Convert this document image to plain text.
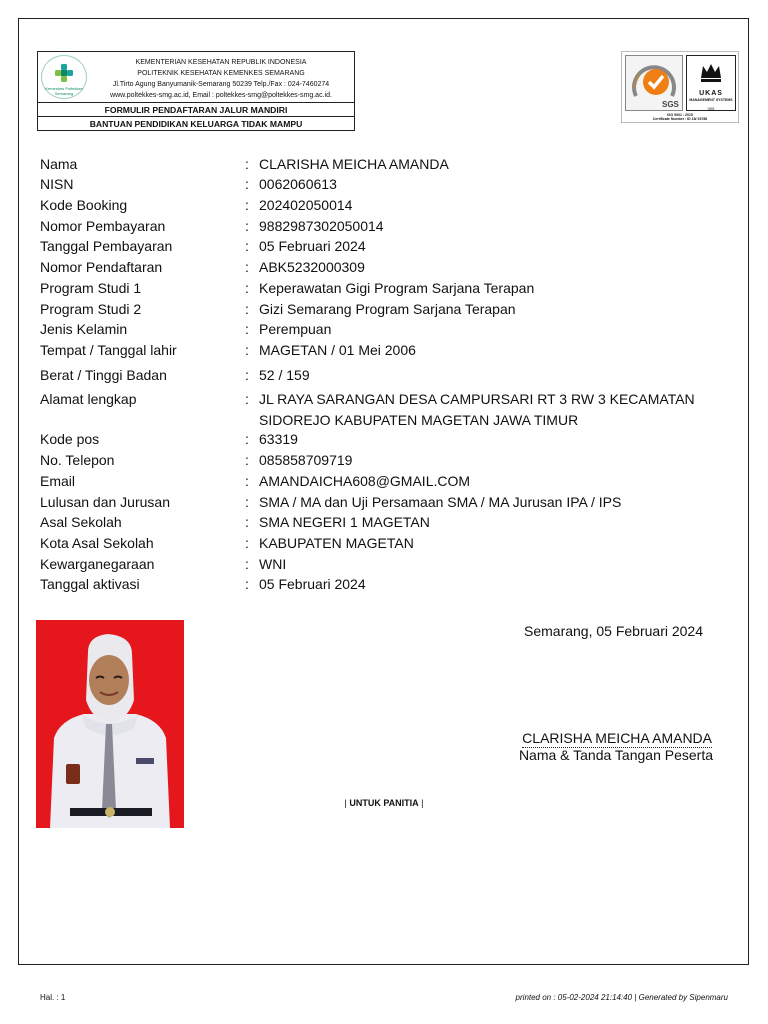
Kemenkes Poltekkes Semarang
KEMENTERIAN KESEHATAN REPUBLIK INDONESIA
POLITEKNIK KESEHATAN KEMENKES SEMARANG
Jl.Tirto Agung Banyumanik-Semarang 50239 Telp./Fax : 024-7460274
www.poltekkes-smg.ac.id, Email : poltekkes-smg@poltekkes-smg.ac.id.
FORMULIR PENDAFTARAN JALUR MANDIRI
BANTUAN PENDIDIKAN KELUARGA TIDAK MAMPU
ISO 9001
SGS
UKAS
MANAGEMENT SYSTEMS
005
ISO 9001 : 2015
Certificate Number : ID 18/ 03786
Nama	: CLARISHA MEICHA AMANDA
NISN	: 0062060613
Kode Booking	: 202402050014
Nomor Pembayaran	: 9882987302050014
Tanggal Pembayaran	: 05 Februari 2024
Nomor Pendaftaran	: ABK5232000309
Program Studi 1	: Keperawatan Gigi Program Sarjana Terapan
Program Studi 2	: Gizi Semarang Program Sarjana Terapan
Jenis Kelamin	: Perempuan
Tempat / Tanggal lahir	: MAGETAN / 01 Mei 2006
Berat / Tinggi Badan	: 52 / 159
Alamat lengkap	: JL RAYA SARANGAN DESA CAMPURSARI RT 3 RW 3 KECAMATAN SIDOREJO KABUPATEN MAGETAN JAWA TIMUR
Kode pos	: 63319
No. Telepon	: 085858709719
Email	: AMANDAICHA608@GMAIL.COM
Lulusan dan Jurusan	: SMA / MA dan Uji Persamaan SMA / MA Jurusan IPA / IPS
Asal Sekolah	: SMA NEGERI 1 MAGETAN
Kota Asal Sekolah	: KABUPATEN MAGETAN
Kewarganegaraan	: WNI
Tanggal aktivasi	: 05 Februari 2024
Semarang, 05 Februari 2024
CLARISHA MEICHA AMANDA
Nama & Tanda Tangan Peserta
| UNTUK PANITIA |
Hal. : 1	printed on : 05-02-2024 21:14:40 | Generated by Sipenmaru
